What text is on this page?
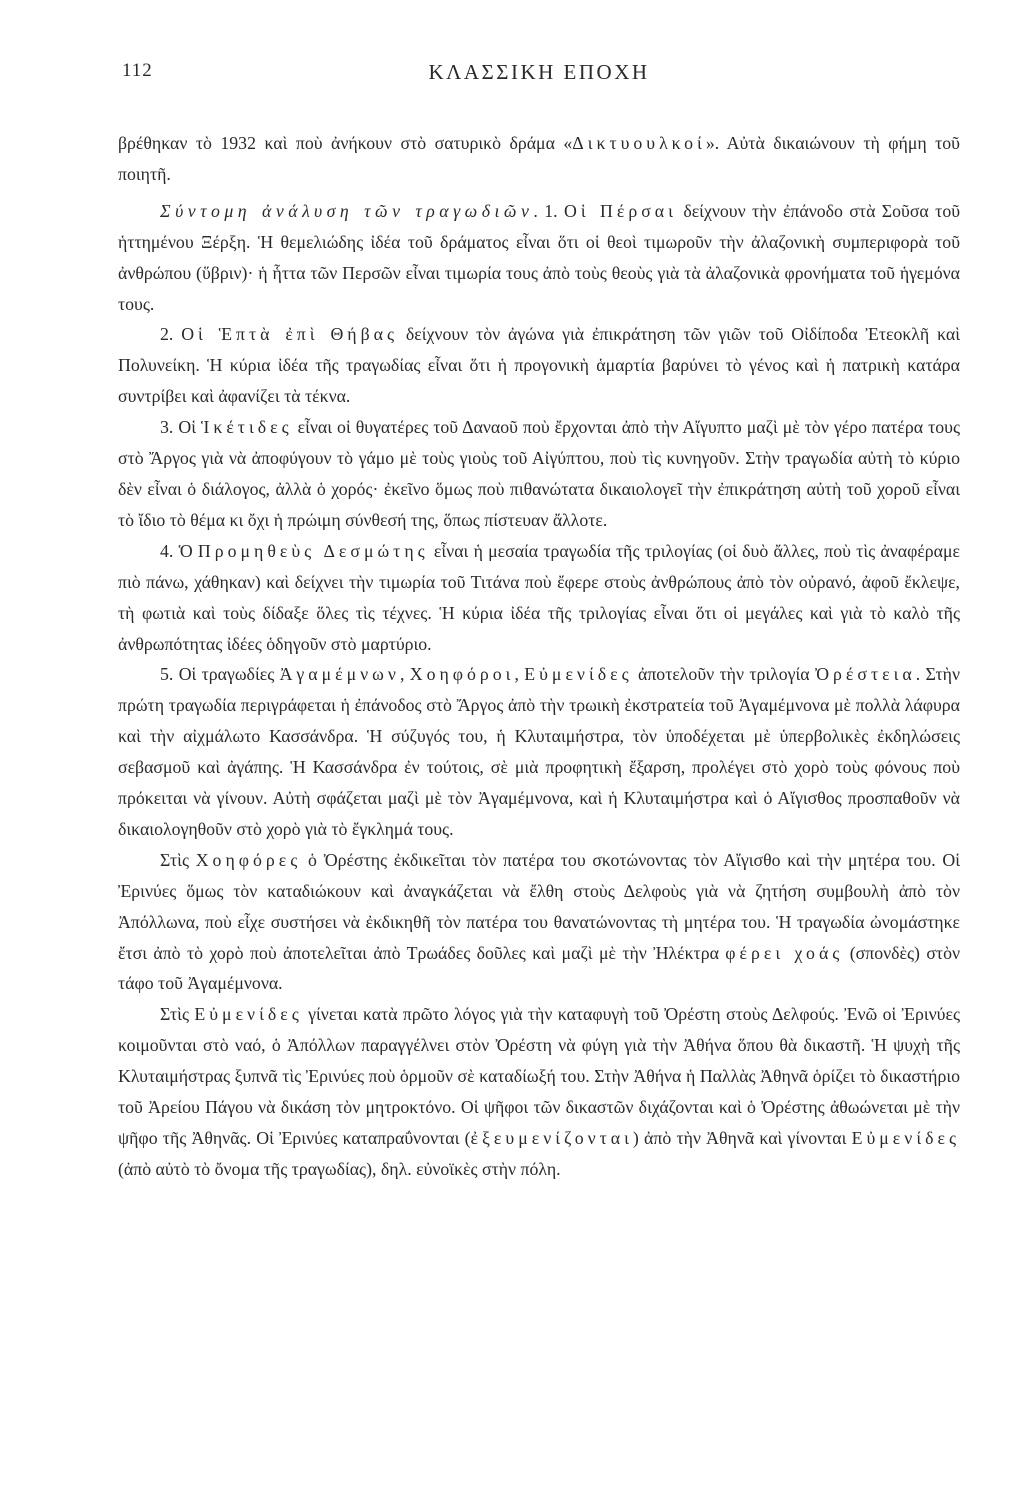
112	ΚΛΑΣΣΙΚΗ ΕΠΟΧΗ

βρέθηκαν τὸ 1932 καὶ ποὺ ἀνήκουν στὸ σατυρικὸ δράμα «Δικτυουλκοί». Αὐτὰ δικαιώνουν τὴ φήμη τοῦ ποιητῆ.

Σύντομη ἀνάλυση τῶν τραγωδιῶν. 1. Οἱ Πέρσαι δείχνουν τὴν ἐπάνοδο στὰ Σοῦσα τοῦ ἡττημένου Ξέρξη. Ἡ θεμελιώδης ἰδέα τοῦ δράματος εἶναι ὅτι οἱ θεοὶ τιμωροῦν τὴν ἀλαζονικὴ συμπεριφορὰ τοῦ ἀνθρώπου (ὕβριν)· ἡ ἧττα τῶν Περσῶν εἶναι τιμωρία τους ἀπὸ τοὺς θεοὺς γιὰ τὰ ἀλαζονικὰ φρονήματα τοῦ ἡγεμόνα τους.

2. Οἱ Ἑπτὰ ἐπὶ Θήβας δείχνουν τὸν ἀγώνα γιὰ ἐπικράτηση τῶν γιῶν τοῦ Οἰδίποδα Ἐτεοκλῆ καὶ Πολυνείκη. Ἡ κύρια ἰδέα τῆς τραγωδίας εἶναι ὅτι ἡ προγονικὴ ἁμαρτία βαρύνει τὸ γένος καὶ ἡ πατρικὴ κατάρα συντρίβει καὶ ἀφανίζει τὰ τέκνα.

3. Οἱ Ἱκέτιδες εἶναι οἱ θυγατέρες τοῦ Δαναοῦ ποὺ ἔρχονται ἀπὸ τὴν Αἴγυπτο μαζὶ μὲ τὸν γέρο πατέρα τους στὸ Ἄργος γιὰ νὰ ἀποφύγουν τὸ γάμο μὲ τοὺς γιοὺς τοῦ Αἰγύπτου, ποὺ τὶς κυνηγοῦν. Στὴν τραγωδία αὐτὴ τὸ κύριο δὲν εἶναι ὁ διάλογος, ἀλλὰ ὁ χορός· ἐκεῖνο ὅμως ποὺ πιθανώτατα δικαιολογεῖ τὴν ἐπικράτηση αὐτὴ τοῦ χοροῦ εἶναι τὸ ἴδιο τὸ θέμα κι ὄχι ἡ πρώιμη σύνθεσή της, ὅπως πίστευαν ἄλλοτε.

4. Ὁ Προμηθεὺς Δεσμώτης εἶναι ἡ μεσαία τραγωδία τῆς τριλογίας (οἱ δυὸ ἄλλες, ποὺ τὶς ἀναφέραμε πιὸ πάνω, χάθηκαν) καὶ δείχνει τὴν τιμωρία τοῦ Τιτάνα ποὺ ἔφερε στοὺς ἀνθρώπους ἀπὸ τὸν οὐρανό, ἀφοῦ ἔκλεψε, τὴ φωτιὰ καὶ τοὺς δίδαξε ὅλες τὶς τέχνες. Ἡ κύρια ἰδέα τῆς τριλογίας εἶναι ὅτι οἱ μεγάλες καὶ γιὰ τὸ καλὸ τῆς ἀνθρωπότητας ἰδέες ὁδηγοῦν στὸ μαρτύριο.

5. Οἱ τραγωδίες Ἀγαμέμνων, Χοηφόροι, Εὐμενίδες ἀποτελοῦν τὴν τριλογία Ὀρέστεια. Στὴν πρώτη τραγωδία περιγράφεται ἡ ἐπάνοδος στὸ Ἄργος ἀπὸ τὴν τρωικὴ ἐκστρατεία τοῦ Ἀγαμέμνονα μὲ πολλὰ λάφυρα καὶ τὴν αἰχμάλωτο Κασσάνδρα. Ἡ σύζυγός του, ἡ Κλυταιμήστρα, τὸν ὑποδέχεται μὲ ὑπερβολικὲς ἐκδηλώσεις σεβασμοῦ καὶ ἀγάπης. Ἡ Κασσάνδρα ἐν τούτοις, σὲ μιὰ προφητικὴ ἔξαρση, προλέγει στὸ χορὸ τοὺς φόνους ποὺ πρόκειται νὰ γίνουν. Αὐτὴ σφάζεται μαζὶ μὲ τὸν Ἀγαμέμνονα, καὶ ἡ Κλυταιμήστρα καὶ ὁ Αἴγισθος προσπαθοῦν νὰ δικαιολογηθοῦν στὸ χορὸ γιὰ τὸ ἔγκλημά τους.

Στὶς Χοηφόρες ὁ Ὀρέστης ἐκδικεῖται τὸν πατέρα του σκοτώνοντας τὸν Αἴγισθο καὶ τὴν μητέρα του. Οἱ Ἐρινύες ὅμως τὸν καταδιώκουν καὶ ἀναγκάζεται νὰ ἔλθη στοὺς Δελφοὺς γιὰ νὰ ζητήση συμβουλὴ ἀπὸ τὸν Ἀπόλλωνα, ποὺ εἶχε συστήσει νὰ ἐκδικηθῆ τὸν πατέρα του θανατώνοντας τὴ μητέρα του. Ἡ τραγωδία ὠνομάστηκε ἔτσι ἀπὸ τὸ χορὸ ποὺ ἀποτελεῖται ἀπὸ Τρωάδες δοῦλες καὶ μαζὶ μὲ τὴν Ἠλέκτρα φέρει χοάς (σπονδὲς) στὸν τάφο τοῦ Ἀγαμέμνονα.

Στὶς Εὐμενίδες γίνεται κατὰ πρῶτο λόγος γιὰ τὴν καταφυγὴ τοῦ Ὀρέστη στοὺς Δελφούς. Ἐνῶ οἱ Ἐρινύες κοιμοῦνται στὸ ναό, ὁ Ἀπόλλων παραγγέλνει στὸν Ὀρέστη νὰ φύγη γιὰ τὴν Ἀθήνα ὅπου θὰ δικαστῆ. Ἡ ψυχὴ τῆς Κλυταιμήστρας ξυπνᾶ τὶς Ἐρινύες ποὺ ὁρμοῦν σὲ καταδίωξή του. Στὴν Ἀθήνα ἡ Παλλὰς Ἀθηνᾶ ὁρίζει τὸ δικαστήριο τοῦ Ἀρείου Πάγου νὰ δικάση τὸν μητροκτόνο. Οἱ ψῆφοι τῶν δικαστῶν διχάζονται καὶ ὁ Ὀρέστης ἀθωώνεται μὲ τὴν ψῆφο τῆς Ἀθηνᾶς. Οἱ Ἐρινύες καταπραΰνονται (ἐξευμενίζονται) ἀπὸ τὴν Ἀθηνᾶ καὶ γίνονται Εὐμενίδες (ἀπὸ αὐτὸ τὸ ὄνομα τῆς τραγωδίας), δηλ. εὐνοϊκὲς στὴν πόλη.
